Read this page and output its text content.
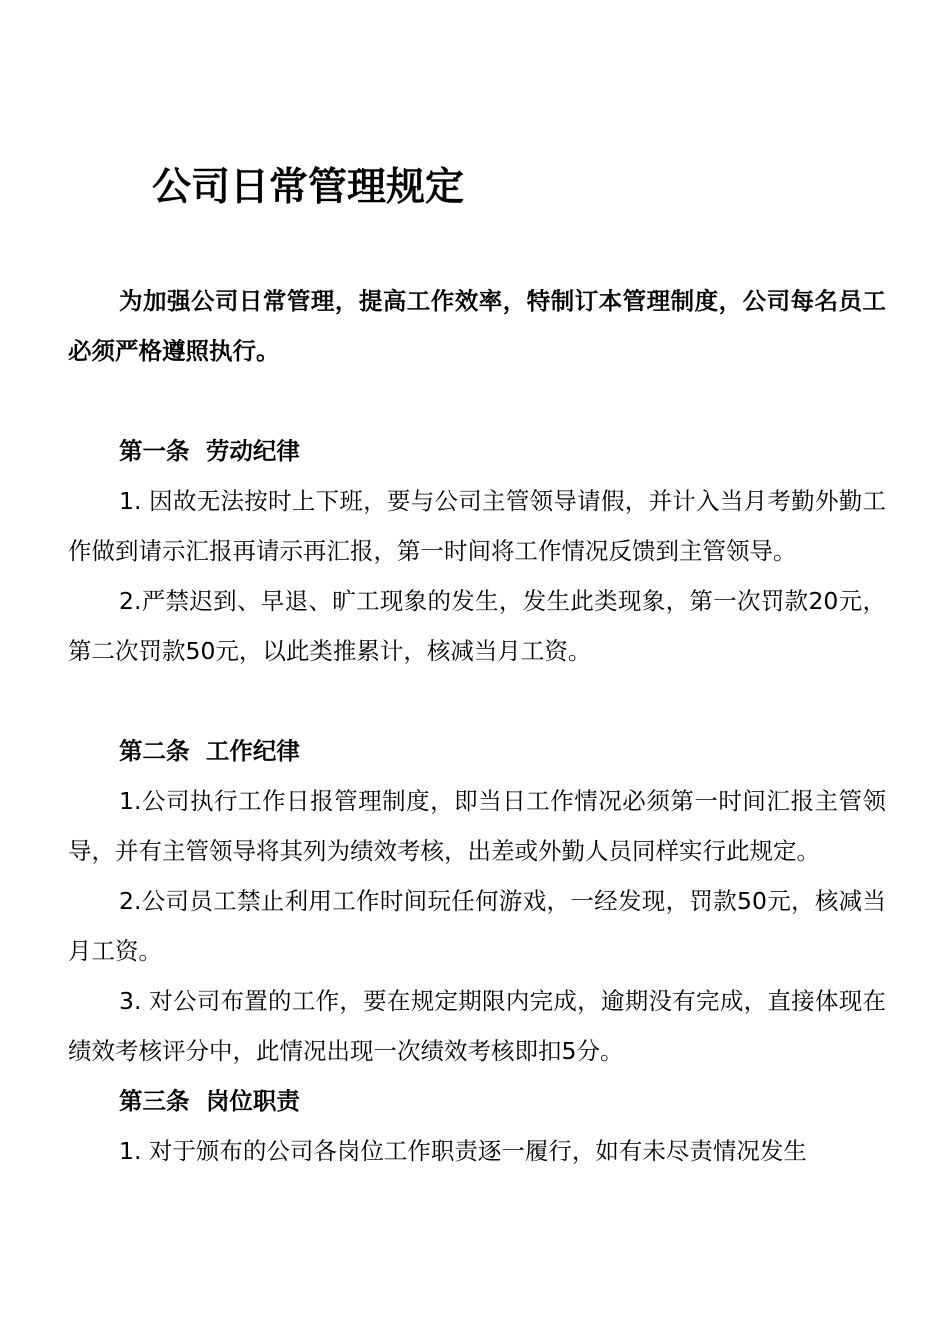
公司日常管理规定

为加强公司日常管理，提高工作效率，特制订本管理制度，公司每名员工必须严格遵照执行。

第一条  劳动纪律

1. 因故无法按时上下班，要与公司主管领导请假，并计入当月考勤外勤工作做到请示汇报再请示再汇报，第一时间将工作情况反馈到主管领导。

2.严禁迟到、早退、旷工现象的发生，发生此类现象，第一次罚款20元，第二次罚款50元，以此类推累计，核减当月工资。

第二条  工作纪律

1.公司执行工作日报管理制度，即当日工作情况必须第一时间汇报主管领导，并有主管领导将其列为绩效考核，出差或外勤人员同样实行此规定。

2.公司员工禁止利用工作时间玩任何游戏，一经发现，罚款50元，核减当月工资。

3. 对公司布置的工作，要在规定期限内完成，逾期没有完成，直接体现在绩效考核评分中，此情况出现一次绩效考核即扣5分。

第三条  岗位职责

1. 对于颁布的公司各岗位工作职责逐一履行，如有未尽责情况发生
